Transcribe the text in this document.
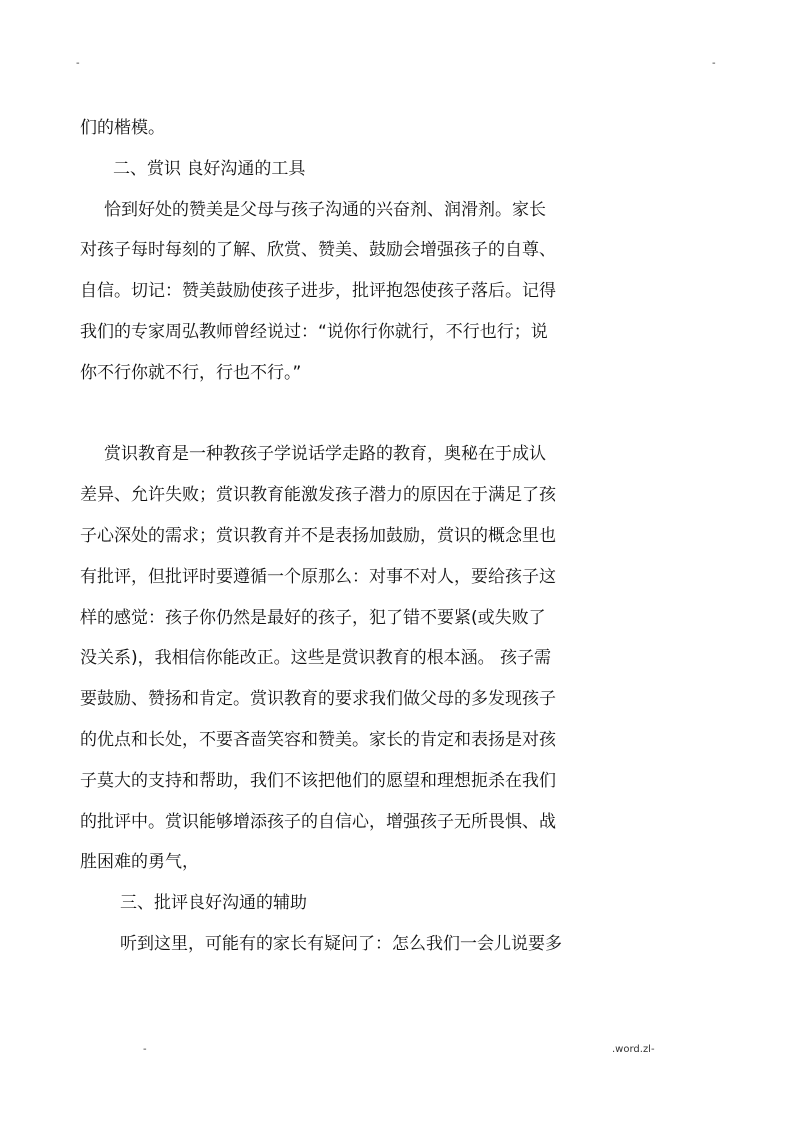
-	-
们的楷模。
二、赏识 良好沟通的工具
恰到好处的赞美是父母与孩子沟通的兴奋剂、润滑剂。家长
对孩子每时每刻的了解、欣赏、赞美、鼓励会增强孩子的自尊、
自信。切记：赞美鼓励使孩子进步，批评抱怨使孩子落后。记得
我们的专家周弘教师曾经说过：“说你行你就行，不行也行；说
你不行你就不行，行也不行。”
赏识教育是一种教孩子学说话学走路的教育，奥秘在于成认
差异、允许失败；赏识教育能激发孩子潜力的原因在于满足了孩
子心深处的需求；赏识教育并不是表扬加鼓励，赏识的概念里也
有批评，但批评时要遵循一个原那么：对事不对人，要给孩子这
样的感觉：孩子你仍然是最好的孩子，犯了错不要紧(或失败了
没关系)，我相信你能改正。这些是赏识教育的根本涵。 孩子需
要鼓励、赞扬和肯定。赏识教育的要求我们做父母的多发现孩子
的优点和长处，不要吝啬笑容和赞美。家长的肯定和表扬是对孩
子莫大的支持和帮助，我们不该把他们的愿望和理想扼杀在我们
的批评中。赏识能够增添孩子的自信心，增强孩子无所畏惧、战
胜困难的勇气，
三、批评良好沟通的辅助
听到这里，可能有的家长有疑问了：怎么我们一会儿说要多
-	.word.zl-
